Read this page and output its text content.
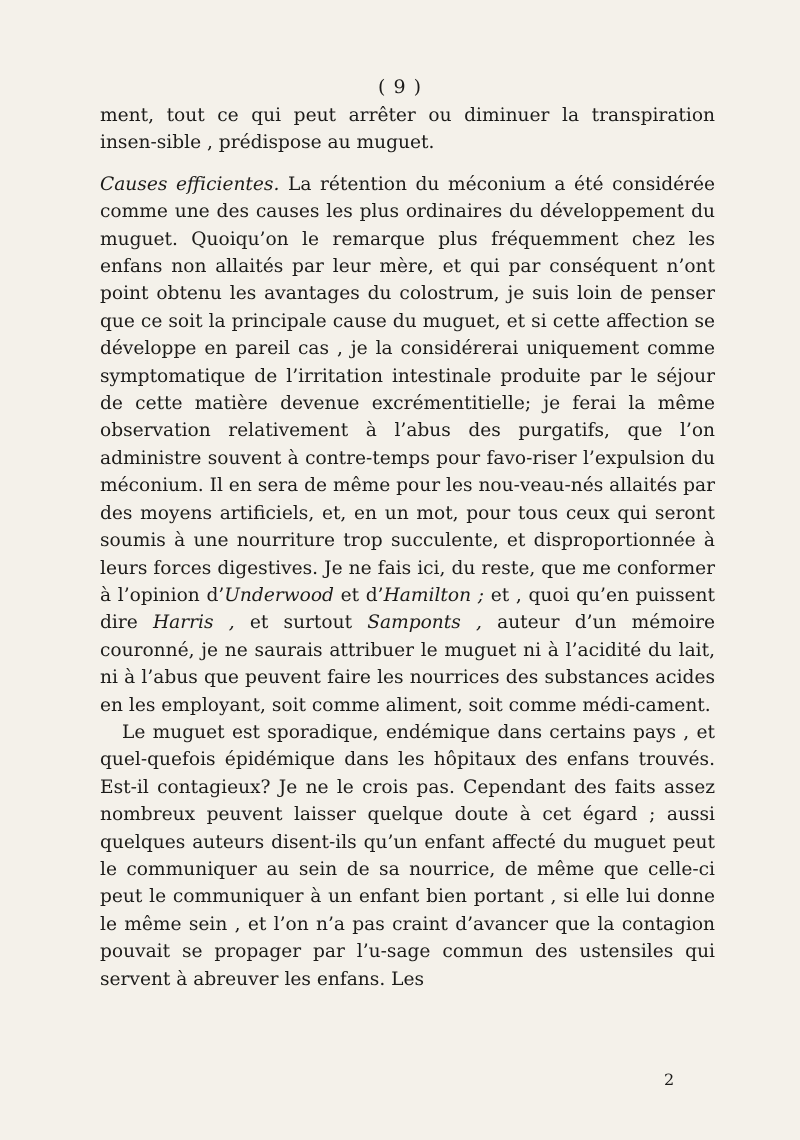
( 9 )

ment, tout ce qui peut arrêter ou diminuer la transpiration insen-sible , prédispose au muguet.

Causes efficientes. La rétention du méconium a été considérée comme une des causes les plus ordinaires du développement du muguet. Quoiqu’on le remarque plus fréquemment chez les enfans non allaités par leur mère, et qui par conséquent n’ont point obtenu les avantages du colostrum, je suis loin de penser que ce soit la principale cause du muguet, et si cette affection se développe en pareil cas , je la considérerai uniquement comme symptomatique de l’irritation intestinale produite par le séjour de cette matière devenue excrémentitielle; je ferai la même observation relativement à l’abus des purgatifs, que l’on administre souvent à contre-temps pour favo-riser l’expulsion du méconium. Il en sera de même pour les nou-veau-nés allaités par des moyens artificiels, et, en un mot, pour tous ceux qui seront soumis à une nourriture trop succulente, et disproportionnée à leurs forces digestives. Je ne fais ici, du reste, que me conformer à l’opinion d’Underwood et d’Hamilton ; et , quoi qu’en puissent dire Harris , et surtout Samponts , auteur d’un mémoire couronné, je ne saurais attribuer le muguet ni à l’acidité du lait, ni à l’abus que peuvent faire les nourrices des substances acides en les employant, soit comme aliment, soit comme médi-cament.

Le muguet est sporadique, endémique dans certains pays , et quel-quefois épidémique dans les hôpitaux des enfans trouvés. Est-il contagieux? Je ne le crois pas. Cependant des faits assez nombreux peuvent laisser quelque doute à cet égard ; aussi quelques auteurs disent-ils qu’un enfant affecté du muguet peut le communiquer au sein de sa nourrice, de même que celle-ci peut le communiquer à un enfant bien portant , si elle lui donne le même sein , et l’on n’a pas craint d’avancer que la contagion pouvait se propager par l’u-sage commun des ustensiles qui servent à abreuver les enfans. Les

2
